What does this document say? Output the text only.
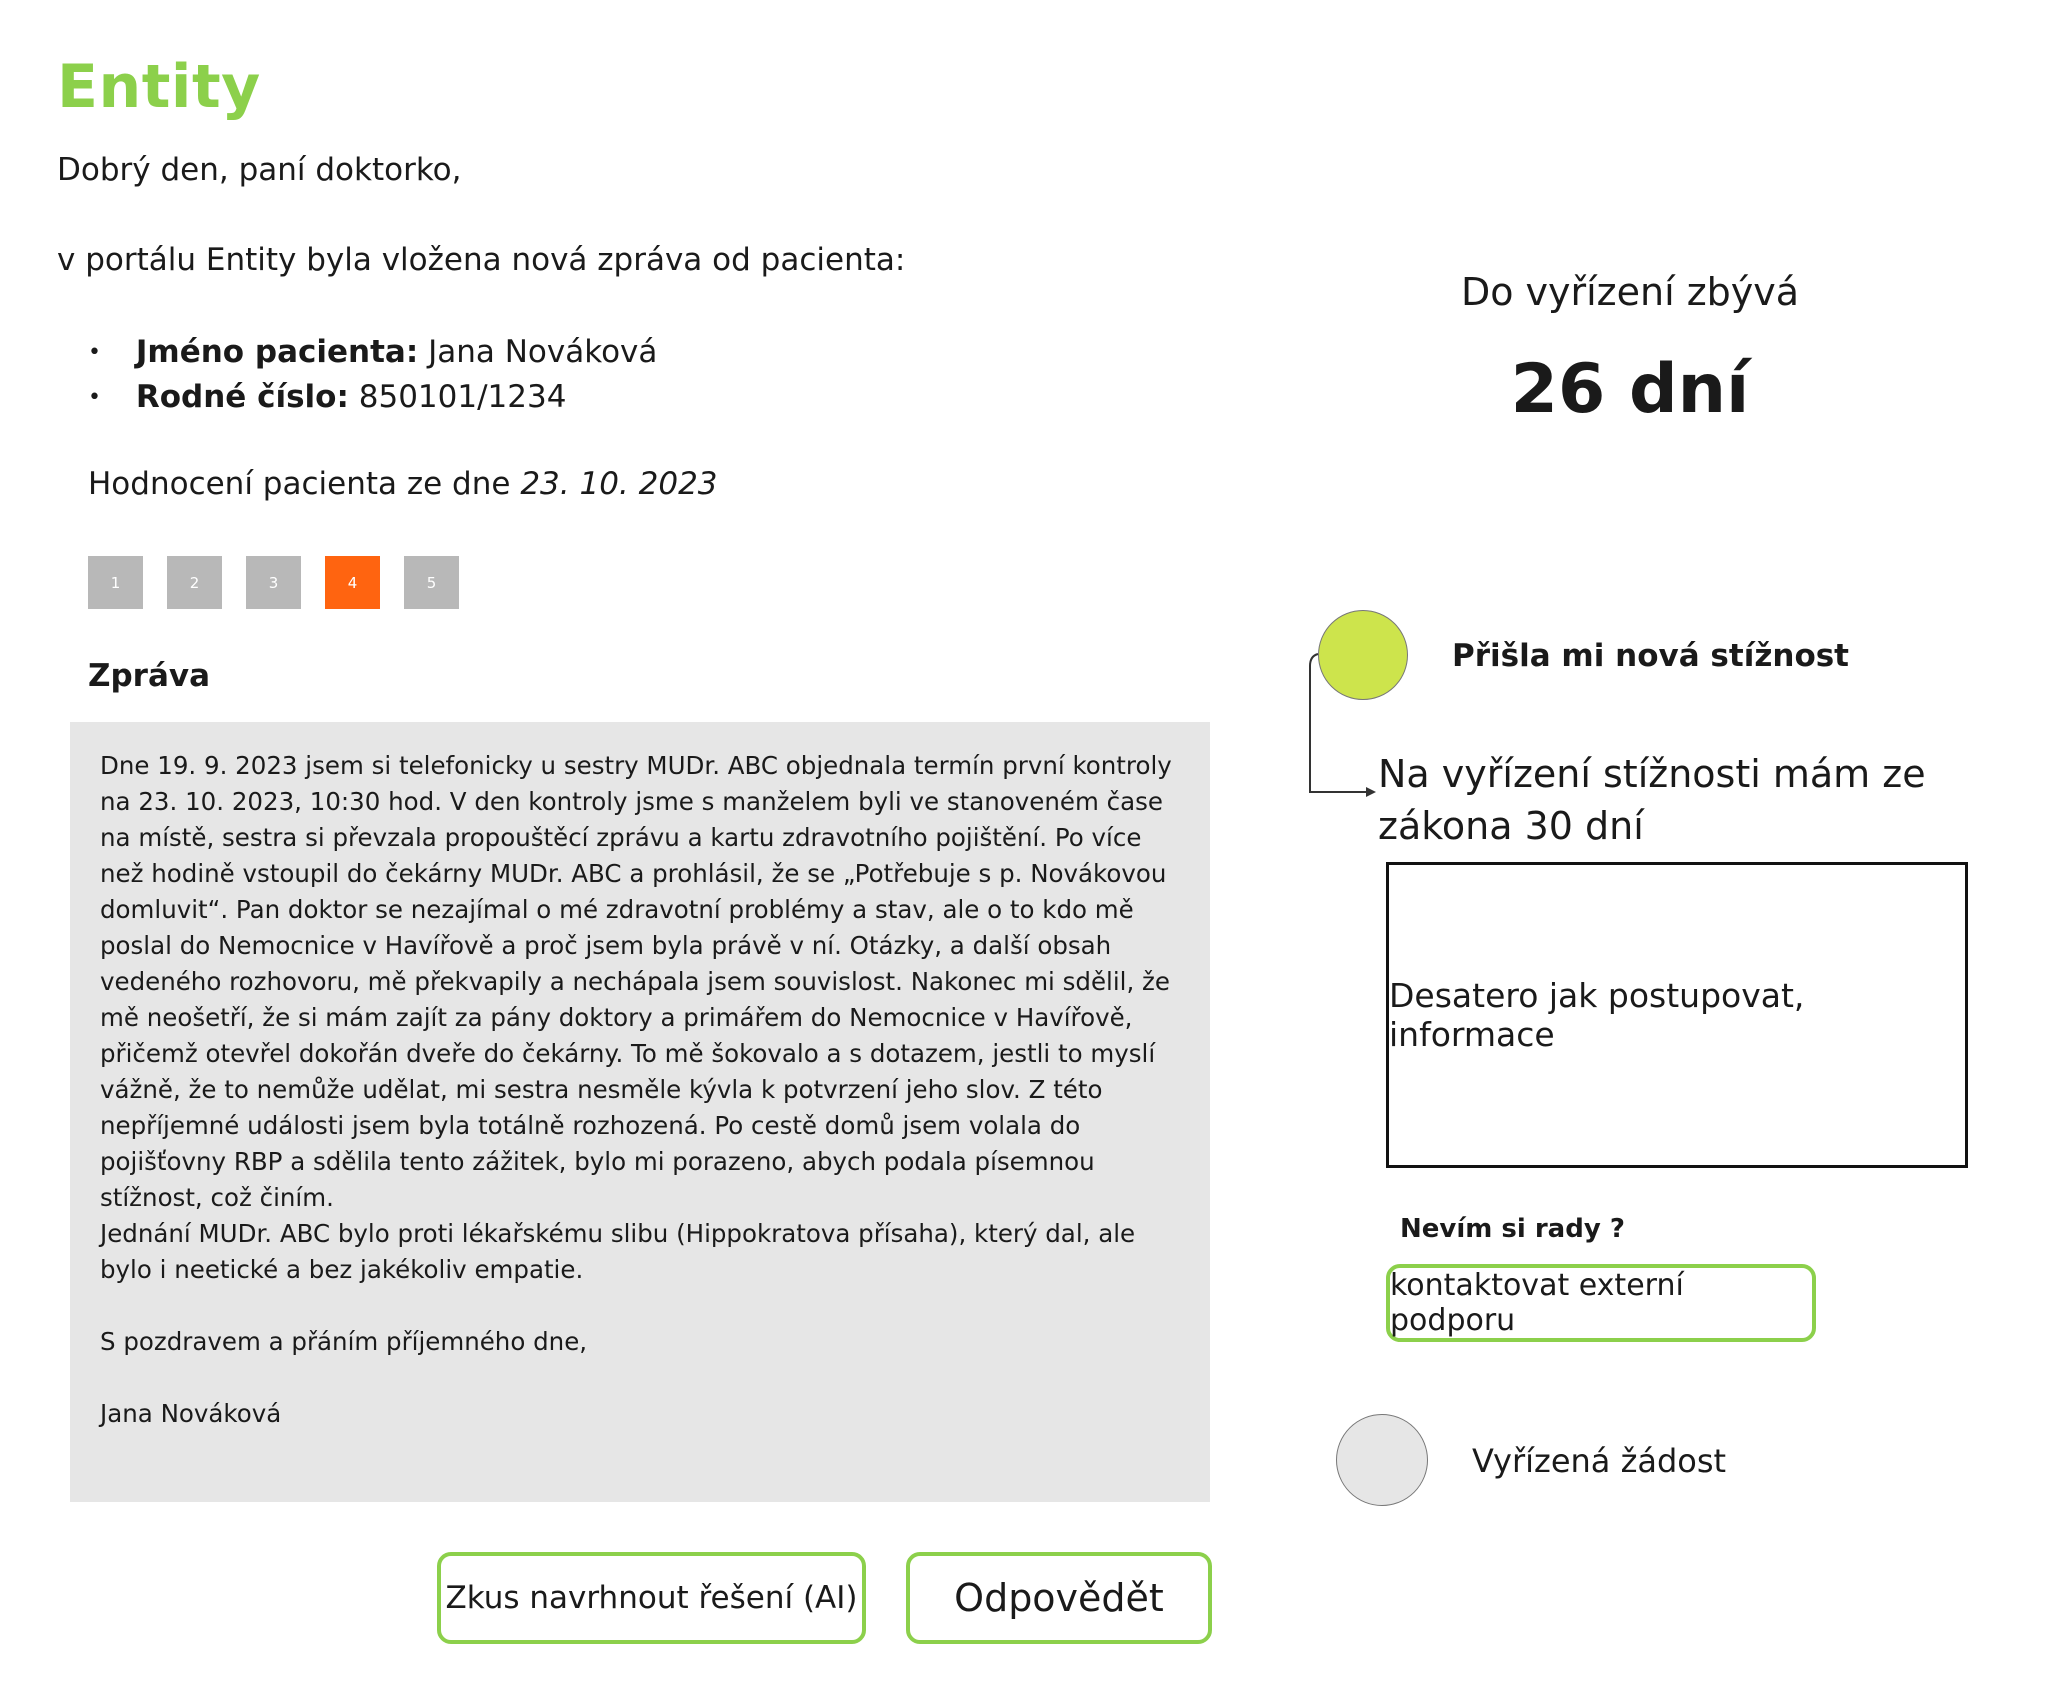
Entity
Dobrý den, paní doktorko,
v portálu Entity byla vložena nová zpráva od pacienta:
• Jméno pacienta: Jana Nováková
• Rodné číslo: 850101/1234
Hodnocení pacienta ze dne 23. 10. 2023
1	2	3	4	5
Zpráva

Dne 19. 9. 2023 jsem si telefonicky u sestry MUDr. ABC objednala termín první kontroly na 23. 10. 2023, 10:30 hod. V den kontroly jsme s manželem byli ve stanoveném čase na místě, sestra si převzala propouštěcí zprávu a kartu zdravotního pojištění. Po více než hodině vstoupil do čekárny MUDr. ABC a prohlásil, že se „Potřebuje s p. Novákovou domluvit“. Pan doktor se nezajímal o mé zdravotní problémy a stav, ale o to kdo mě poslal do Nemocnice v Havířově a proč jsem byla právě v ní. Otázky, a další obsah vedeného rozhovoru, mě překvapily a nechápala jsem souvislost. Nakonec mi sdělil, že mě neošetří, že si mám zajít za pány doktory a primářem do Nemocnice v Havířově, přičemž otevřel dokořán dveře do čekárny. To mě šokovalo a s dotazem, jestli to myslí vážně, že to nemůže udělat, mi sestra nesměle kývla k potvrzení jeho slov. Z této nepříjemné události jsem byla totálně rozhozená. Po cestě domů jsem volala do pojišťovny RBP a sdělila tento zážitek, bylo mi porazeno, abych podala písemnou stížnost, což činím.
Jednání MUDr. ABC bylo proti lékařskému slibu (Hippokratova přísaha), který dal, ale bylo i neetické a bez jakékoliv empatie.

S pozdravem a přáním příjemného dne,

Jana Nováková

Zkus navrhnout řešení (AI)	Odpovědět
Do vyřízení zbývá
26 dní
Přišla mi nová stížnost
Na vyřízení stížnosti mám ze zákona 30 dní
Desatero jak postupovat, informace
Nevím si rady ?
kontaktovat externí podporu
Vyřízená žádost
